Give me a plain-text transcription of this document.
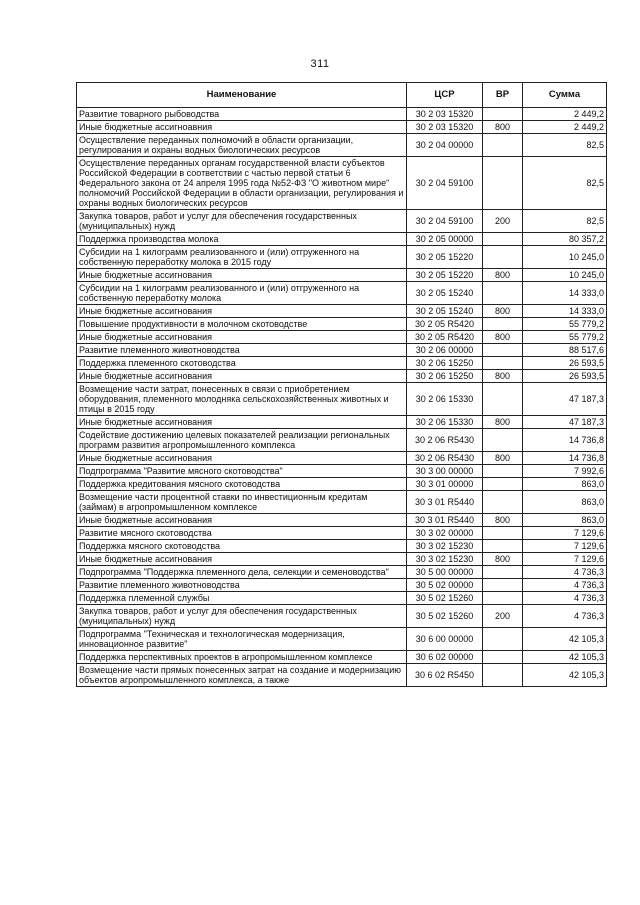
311
Наименование	ЦСР	ВР	Сумма
Развитие товарного рыбоводства	30 2 03 15320		2 449,2
Иные бюджетные ассигноавния	30 2 03 15320	800	2 449,2
Осуществление переданных полномочий в области организации, регулирования и охраны водных биологических ресурсов	30 2 04 00000		82,5
Осуществление переданных органам государственной власти субъектов Российской Федерации в соответствии с частью первой статьи 6 Федерального закона от 24 апреля 1995 года №52-ФЗ "О животном мире" полномочий Российской Федерации в области организации, регулирования и охраны водных биологических ресурсов	30 2 04 59100		82,5
Закупка товаров, работ и услуг для обеспечения государственных (муниципальных) нужд	30 2 04 59100	200	82,5
Поддержка производства молока	30 2 05 00000		80 357,2
Субсидии на 1 килограмм реализованного и (или) отгруженного на собственную переработку молока в 2015 году	30 2 05 15220		10 245,0
Иные бюджетные ассигнования	30 2 05 15220	800	10 245,0
Субсидии на 1 килограмм реализованного и (или) отгруженного на собственную переработку молока	30 2 05 15240		14 333,0
Иные бюджетные ассигнования	30 2 05 15240	800	14 333,0
Повышение продуктивности в молочном скотоводстве	30 2 05 R5420		55 779,2
Иные бюджетные ассигнования	30 2 05 R5420	800	55 779,2
Развитие племенного животноводства	30 2 06 00000		88 517,6
Поддержка племенного скотоводства	30 2 06 15250		26 593,5
Иные бюджетные ассигнования	30 2 06 15250	800	26 593,5
Возмещение части затрат, понесенных в связи с приобретением оборудования, племенного молодняка сельскохозяйственных животных и птицы в 2015 году	30 2 06 15330		47 187,3
Иные бюджетные ассигнования	30 2 06 15330	800	47 187,3
Содействие достижению целевых показателей реализации региональных программ развития агропромышленного комплекса	30 2 06 R5430		14 736,8
Иные бюджетные ассигнования	30 2 06 R5430	800	14 736,8
Подпрограмма "Развитие мясного скотоводства"	30 3 00 00000		7 992,6
Поддержка кредитования мясного скотоводства	30 3 01 00000		863,0
Возмещение части процентной ставки по инвестиционным кредитам (займам) в агропромышленном комплексе	30 3 01 R5440		863,0
Иные бюджетные ассигнования	30 3 01 R5440	800	863,0
Развитие мясного скотоводства	30 3 02 00000		7 129,6
Поддержка мясного скотоводства	30 3 02 15230		7 129,6
Иные бюджетные ассигнования	30 3 02 15230	800	7 129,6
Подпрограмма "Поддержка племенного дела, селекции и семеноводства"	30 5 00 00000		4 736,3
Развитие племенного животноводства	30 5 02 00000		4 736,3
Поддержка племенной службы	30 5 02 15260		4 736,3
Закупка товаров, работ и услуг для обеспечения государственных (муниципальных) нужд	30 5 02 15260	200	4 736,3
Подпрограмма "Техническая и технологическая модернизация, инновационное развитие"	30 6 00 00000		42 105,3
Поддержка перспективных проектов в агропромышленном комплексе	30 6 02 00000		42 105,3
Возмещение части прямых понесенных затрат на создание и модернизацию объектов агропромышленного комплекса, а также	30 6 02 R5450		42 105,3
